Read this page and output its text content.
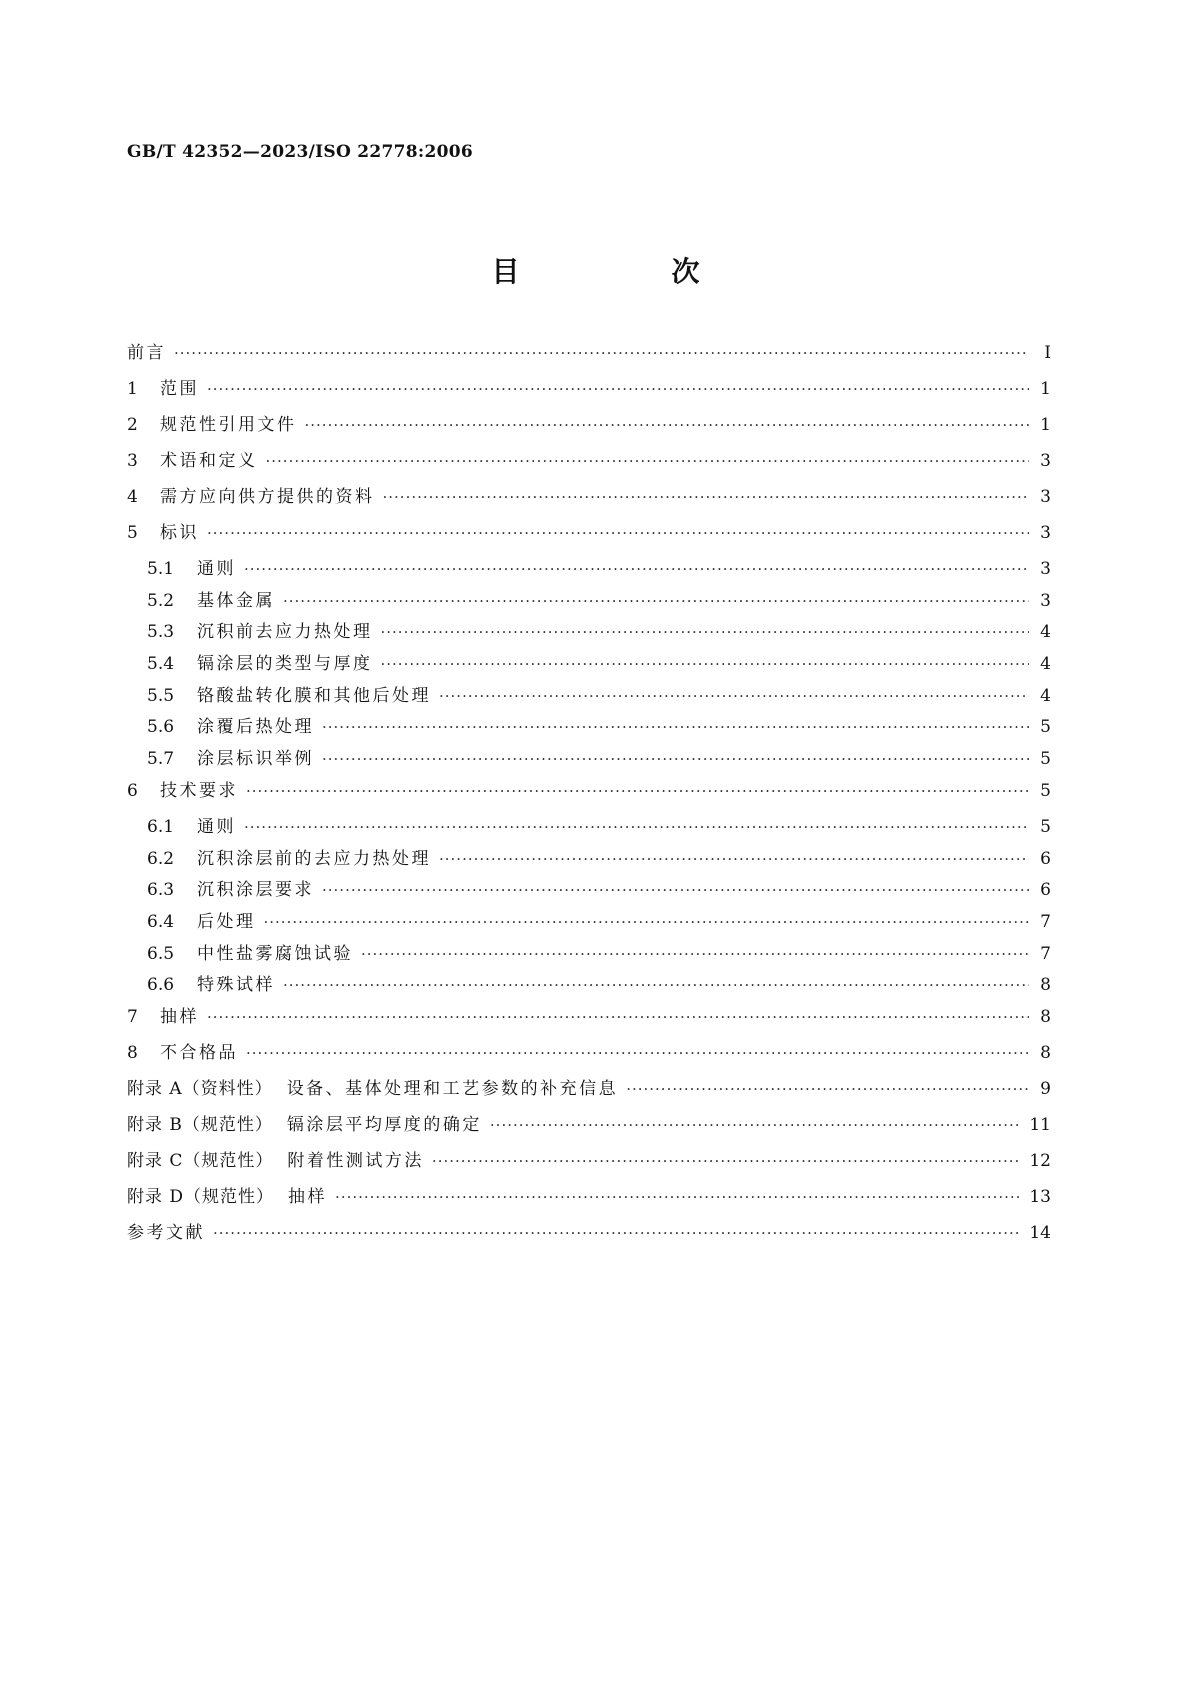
GB/T 42352—2023/ISO 22778:2006
目　次
前言 ·····	Ⅰ
1	范围 ·····	1
2	规范性引用文件 ·····	1
3	术语和定义 ·····	3
4	需方应向供方提供的资料 ·····	3
5	标识 ·····	3
5.1	通则 ·····	3
5.2	基体金属 ·····	3
5.3	沉积前去应力热处理 ·····	4
5.4	镉涂层的类型与厚度 ·····	4
5.5	铬酸盐转化膜和其他后处理 ·····	4
5.6	涂覆后热处理 ·····	5
5.7	涂层标识举例 ·····	5
6	技术要求 ·····	5
6.1	通则 ·····	5
6.2	沉积涂层前的去应力热处理 ·····	6
6.3	沉积涂层要求 ·····	6
6.4	后处理 ·····	7
6.5	中性盐雾腐蚀试验 ·····	7
6.6	特殊试样 ·····	8
7	抽样 ·····	8
8	不合格品 ·····	8
附录 A（资料性） 设备、基体处理和工艺参数的补充信息 ·····	9
附录 B（规范性） 镉涂层平均厚度的确定 ·····	11
附录 C（规范性） 附着性测试方法 ·····	12
附录 D（规范性） 抽样 ·····	13
参考文献 ·····	14
